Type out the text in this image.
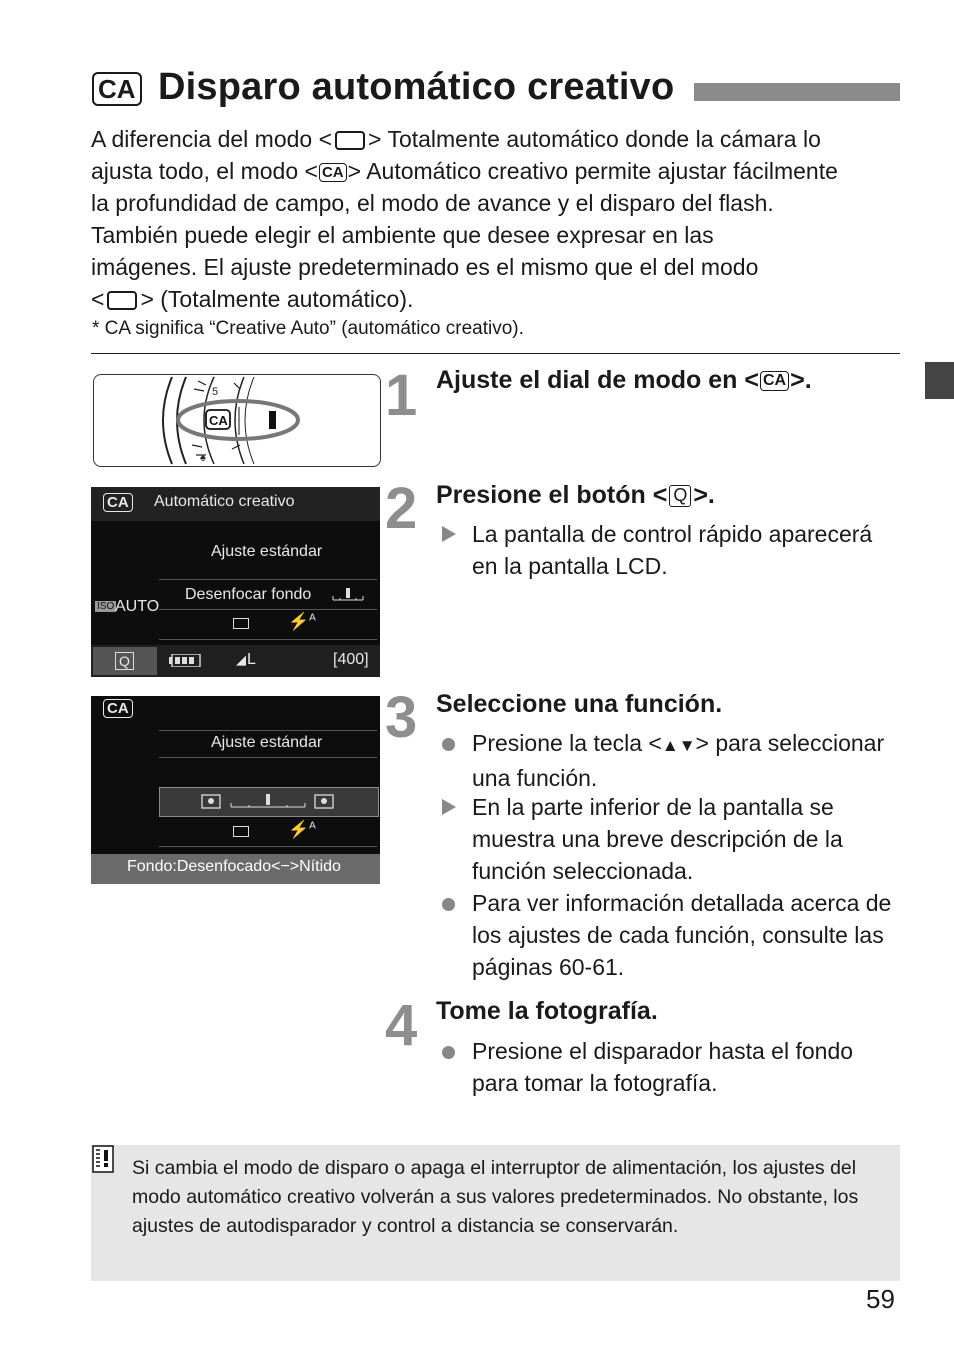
CA Disparo automático creativo

A diferencia del modo < > Totalmente automático donde la cámara lo

ajusta todo, el modo < CA > Automático creativo permite ajustar fácilmente

la profundidad de campo, el modo de avance y el disparo del flash.

También puede elegir el ambiente que desee expresar en las

imágenes. El ajuste predeterminado es el mismo que el del modo

< > (Totalmente automático).

* CA significa “Creative Auto” (automático creativo).
5
♠
CA
CA Automático creativo
Ajuste estándar
Desenfocar fondo
ISO AUTO
⚡$^A$
Q	◢ L	[400]
CA
Ajuste estándar
⚡$^A$
Fondo:Desenfocado<−>Nítido
1 Ajuste el dial de modo en < CA >.
2 Presione el botón < Q >.
La pantalla de control rápido aparecerá en la pantalla LCD.
3 Seleccione una función.
Presione la tecla <▲▼> para seleccionar una función.
En la parte inferior de la pantalla se muestra una breve descripción de la función seleccionada.
Para ver información detallada acerca de los ajustes de cada función, consulte las páginas 60-61.
4 Tome la fotografía.
Presione el disparador hasta el fondo para tomar la fotografía.

Si cambia el modo de disparo o apaga el interruptor de alimentación, los ajustes del modo automático creativo volverán a sus valores predeterminados. No obstante, los ajustes de autodisparador y control a distancia se conservarán.

59
